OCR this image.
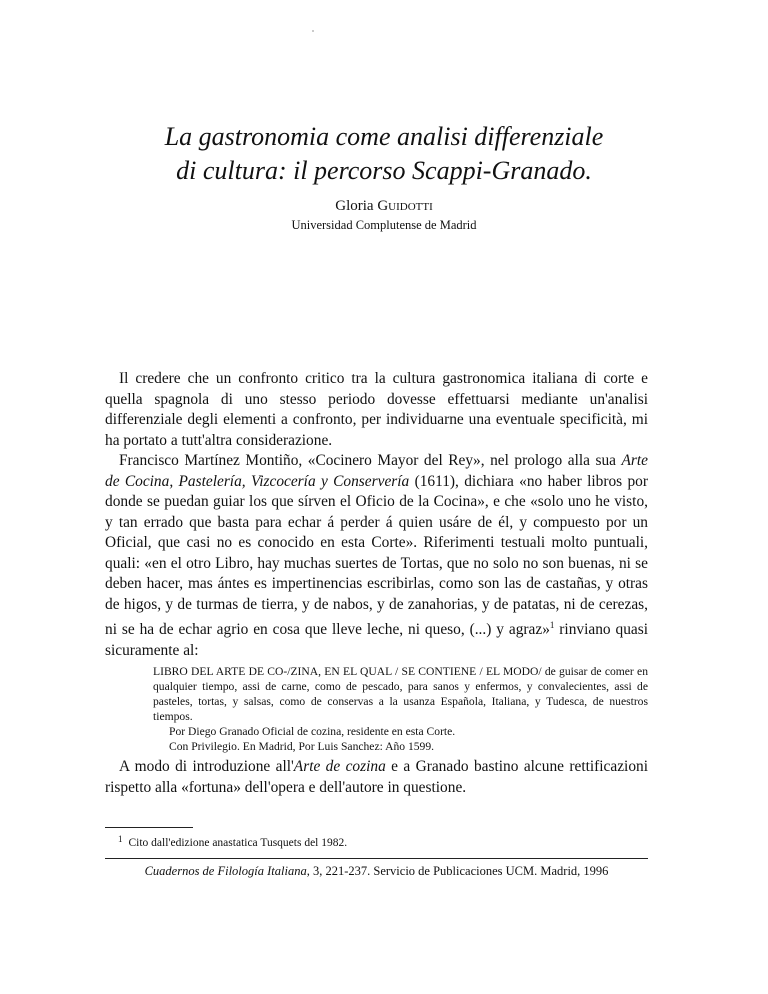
La gastronomia come analisi differenziale
di cultura: il percorso Scappi-Granado.
Gloria Guidotti
Universidad Complutense de Madrid

Il credere che un confronto critico tra la cultura gastronomica italiana di corte e quella spagnola di uno stesso periodo dovesse effettuarsi mediante un'analisi differenziale degli elementi a confronto, per individuarne una eventuale specificità, mi ha portato a tutt'altra considerazione.

Francisco Martínez Montiño, «Cocinero Mayor del Rey», nel prologo alla sua Arte de Cocina, Pastelería, Vizcocería y Conservería (1611), dichiara «no haber libros por donde se puedan guiar los que sírven el Oficio de la Cocina», e che «solo uno he visto, y tan errado que basta para echar á perder á quien usáre de él, y compuesto por un Oficial, que casi no es conocido en esta Corte». Riferimenti testuali molto puntuali, quali: «en el otro Libro, hay muchas suertes de Tortas, que no solo no son buenas, ni se deben hacer, mas ántes es impertinencias escribirlas, como son las de castañas, y otras de higos, y de turmas de tierra, y de nabos, y de zanahorias, y de patatas, ni de cerezas, ni se ha de echar agrio en cosa que lleve leche, ni queso, (...) y agraz»$^1$ rinviano quasi sicuramente al:

LIBRO DEL ARTE DE CO-/ZINA, EN EL QUAL / SE CONTIENE / EL MODO/ de guisar de comer en qualquier tiempo, assi de carne, como de pescado, para sanos y enfermos, y convalecientes, assi de pasteles, tortas, y salsas, como de conservas a la usanza Española, Italiana, y Tudesca, de nuestros tiempos.

Por Diego Granado Oficial de cozina, residente en esta Corte.

Con Privilegio. En Madrid, Por Luis Sanchez: Año 1599.

A modo di introduzione all'Arte de cozina e a Granado bastino alcune rettificazioni rispetto alla «fortuna» dell'opera e dell'autore in questione.

$^1$ Cito dall'edizione anastatica Tusquets del 1982.
Cuadernos de Filología Italiana, 3, 221-237. Servicio de Publicaciones UCM. Madrid, 1996
